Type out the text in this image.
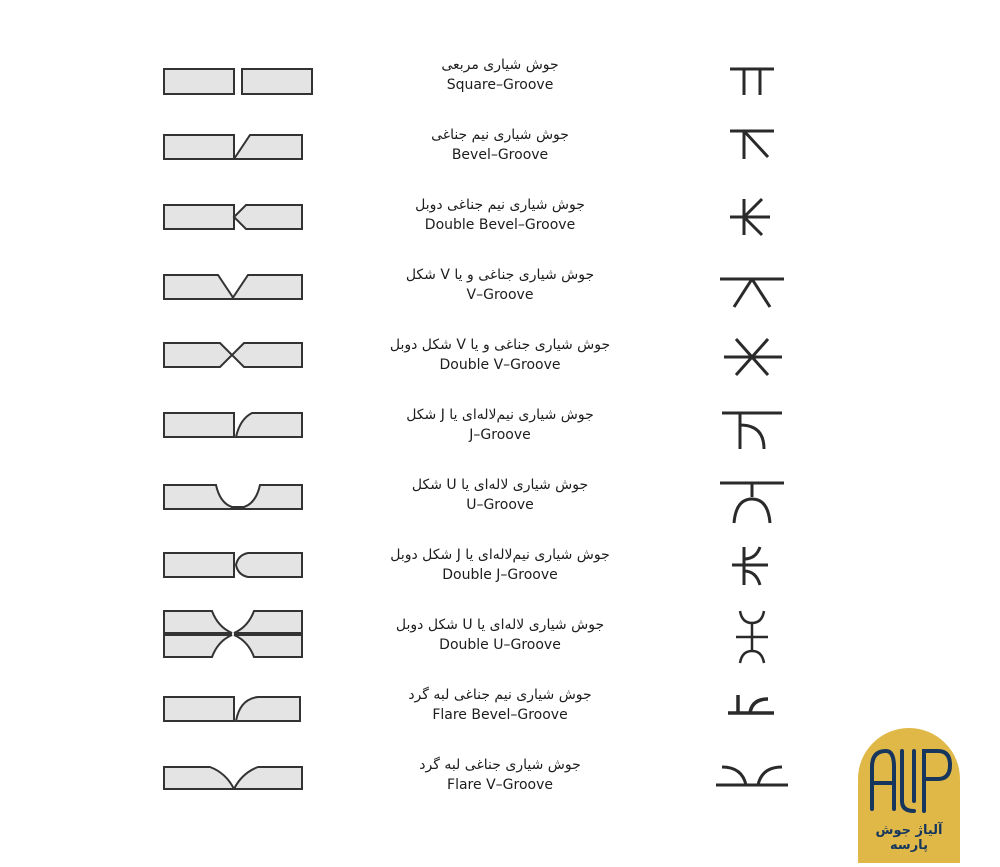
جوش شیاری مربعی
Square–Groove
جوش شیاری نیم جناغی
Bevel–Groove
جوش شیاری نیم جناغی دوبل
Double Bevel–Groove
جوش شیاری جناغی و یا V شکل
V–Groove
جوش شیاری جناغی و یا V شکل دوبل
Double V–Groove
جوش شیاری نیم‌لاله‌ای یا J شکل
J–Groove
جوش شیاری لاله‌ای یا U شکل
U–Groove
جوش شیاری نیم‌لاله‌ای یا J شکل دوبل
Double J–Groove
جوش شیاری لاله‌ای یا U شکل دوبل
Double U–Groove
جوش شیاری نیم جناغی لبه گرد
Flare Bevel–Groove
جوش شیاری جناغی لبه گرد
Flare V–Groove
آلیاژ جوش پارسه
